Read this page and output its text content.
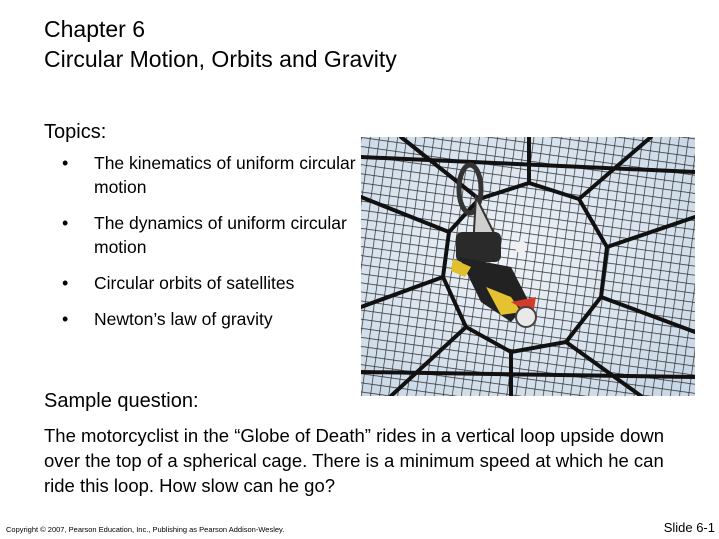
Chapter 6
Circular Motion, Orbits and Gravity
Topics:
• The kinematics of uniform circular motion
• The dynamics of uniform circular motion
• Circular orbits of satellites
• Newton’s law of gravity
Sample question:
The motorcyclist in the “Globe of Death” rides in a vertical loop upside down over the top of a spherical cage. There is a minimum speed at which he can ride this loop. How slow can he go?
Copyright © 2007, Pearson Education, Inc., Publishing as Pearson Addison-Wesley.	Slide 6-1
